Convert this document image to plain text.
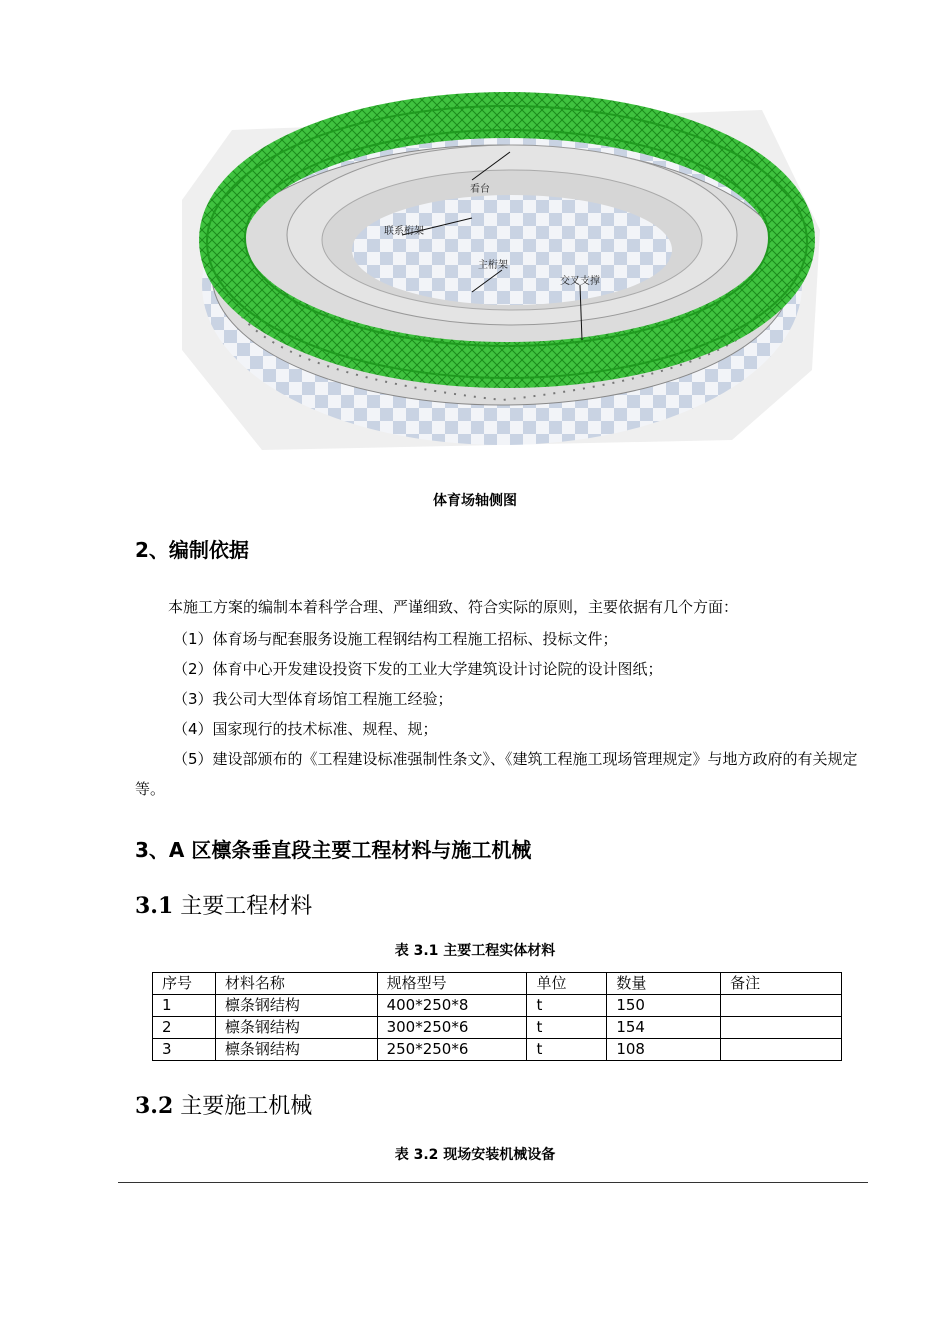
看台
联系桁架
主桁架
交叉支撑
体育场轴侧图
2、编制依据
本施工方案的编制本着科学合理、严谨细致、符合实际的原则，主要依据有几个方面：
（1）体育场与配套服务设施工程钢结构工程施工招标、投标文件；
（2）体育中心开发建设投资下发的工业大学建筑设计讨论院的设计图纸；
（3）我公司大型体育场馆工程施工经验；
（4）国家现行的技术标准、规程、规；
（5）建设部颁布的《工程建设标准强制性条文》、《建筑工程施工现场管理规定》与地方政府的有关规定等。
3、A 区檩条垂直段主要工程材料与施工机械
3.1 主要工程材料
表 3.1 主要工程实体材料
序号	材料名称	规格型号	单位	数量	备注
1	檩条钢结构	400*250*8	t	150	
2	檩条钢结构	300*250*6	t	154	
3	檩条钢结构	250*250*6	t	108	
3.2 主要施工机械
表 3.2 现场安装机械设备
